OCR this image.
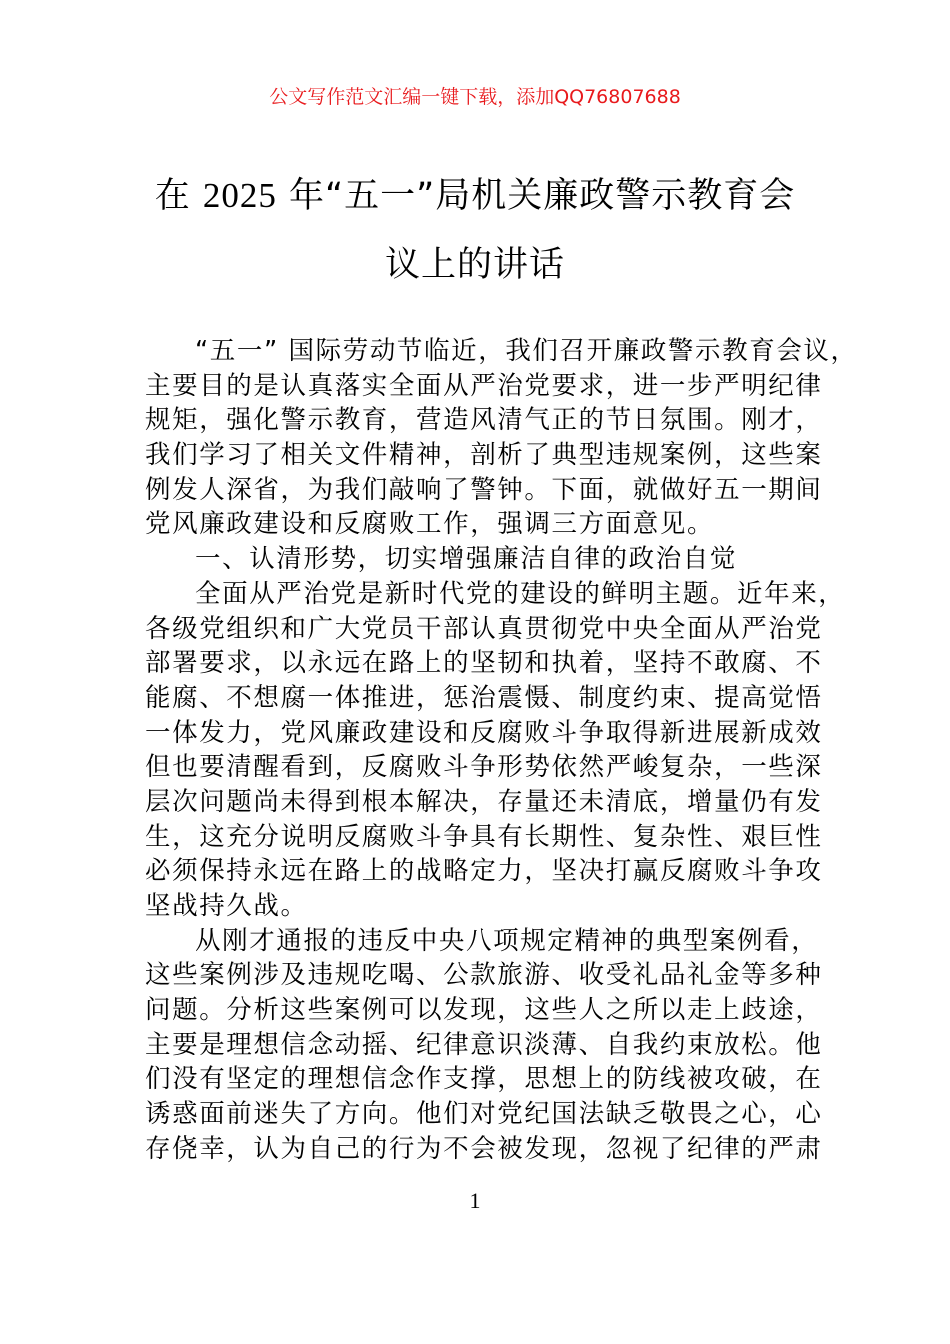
公文写作范文汇编一键下载，添加QQ76807688
在 2025 年“五一”局机关廉政警示教育会
议上的讲话
“五一” 国际劳动节临近，我们召开廉政警示教育会议，
主要目的是认真落实全面从严治党要求，进一步严明纪律
规矩，强化警示教育，营造风清气正的节日氛围。刚才，
我们学习了相关文件精神，剖析了典型违规案例，这些案
例发人深省，为我们敲响了警钟。下面，就做好五一期间
党风廉政建设和反腐败工作，强调三方面意见。
一、认清形势，切实增强廉洁自律的政治自觉
全面从严治党是新时代党的建设的鲜明主题。近年来，
各级党组织和广大党员干部认真贯彻党中央全面从严治党
部署要求，以永远在路上的坚韧和执着，坚持不敢腐、不
能腐、不想腐一体推进，惩治震慑、制度约束、提高觉悟
一体发力，党风廉政建设和反腐败斗争取得新进展新成效
但也要清醒看到，反腐败斗争形势依然严峻复杂，一些深
层次问题尚未得到根本解决，存量还未清底，增量仍有发
生，这充分说明反腐败斗争具有长期性、复杂性、艰巨性
必须保持永远在路上的战略定力，坚决打赢反腐败斗争攻
坚战持久战。
从刚才通报的违反中央八项规定精神的典型案例看，
这些案例涉及违规吃喝、公款旅游、收受礼品礼金等多种
问题。分析这些案例可以发现，这些人之所以走上歧途，
主要是理想信念动摇、纪律意识淡薄、自我约束放松。他
们没有坚定的理想信念作支撑，思想上的防线被攻破，在
诱惑面前迷失了方向。他们对党纪国法缺乏敬畏之心，心
存侥幸，认为自己的行为不会被发现，忽视了纪律的严肃
1
